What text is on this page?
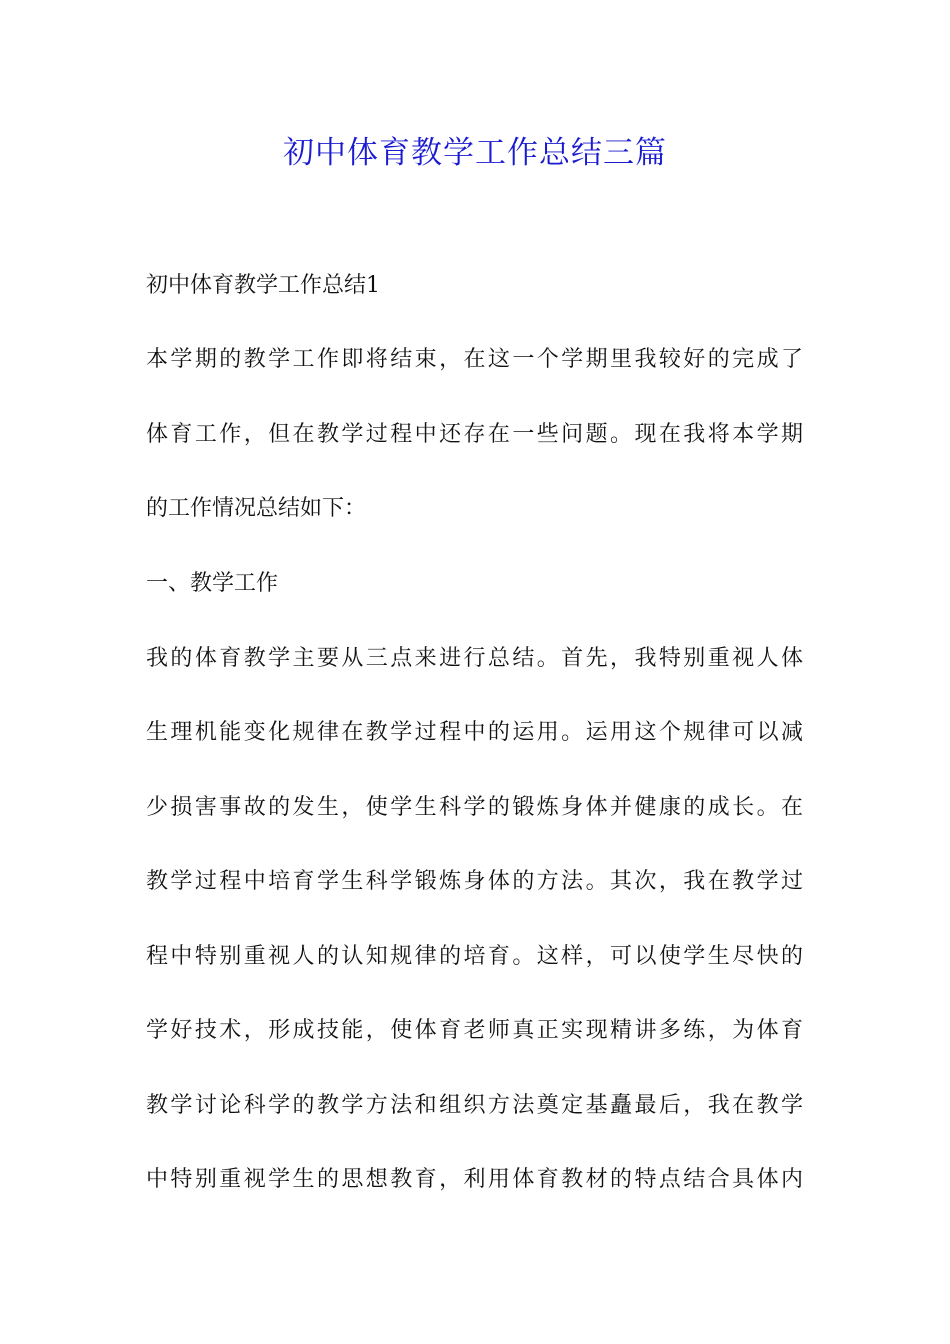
初中体育教学工作总结三篇

初中体育教学工作总结1

本学期的教学工作即将结束，在这一个学期里我较好的完成了

体育工作，但在教学过程中还存在一些问题。现在我将本学期

的工作情况总结如下：

一、教学工作

我的体育教学主要从三点来进行总结。首先，我特别重视人体

生理机能变化规律在教学过程中的运用。运用这个规律可以减

少损害事故的发生，使学生科学的锻炼身体并健康的成长。在

教学过程中培育学生科学锻炼身体的方法。其次，我在教学过

程中特别重视人的认知规律的培育。这样，可以使学生尽快的

学好技术，形成技能，使体育老师真正实现精讲多练，为体育

教学讨论科学的教学方法和组织方法奠定基矗最后，我在教学

中特别重视学生的思想教育，利用体育教材的特点结合具体内
